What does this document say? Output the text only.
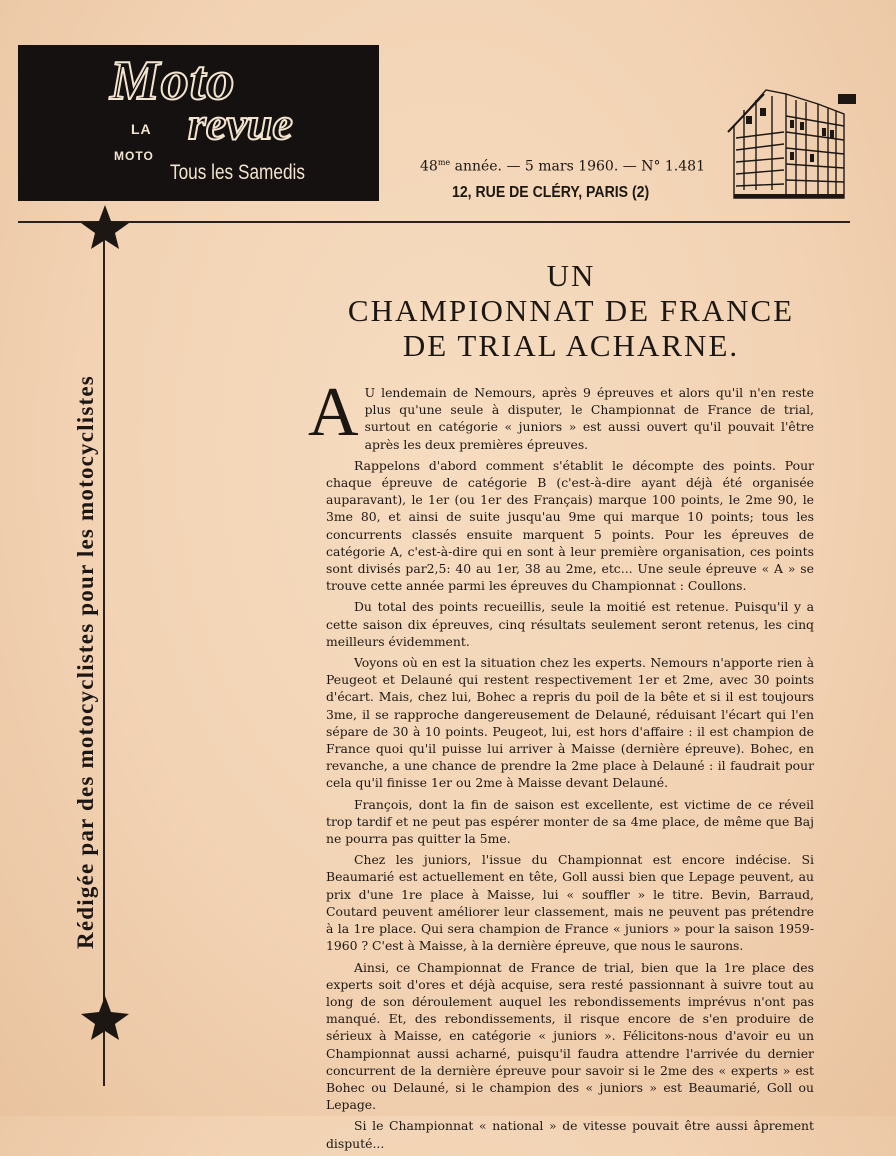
Moto
LA revue
MOTO
Tous les Samedis	$48^{me}$ année. — 5 mars 1960. — N° 1.481
12, RUE DE CLÉRY, PARIS (2)
Rédigée par des motocyclistes pour les motocyclistes
UN
CHAMPIONNAT DE FRANCE
DE TRIAL ACHARNE.

A U lendemain de Nemours, après 9 épreuves et alors qu'il n'en reste plus qu'une seule à disputer, le Championnat de France de trial, surtout en catégorie « juniors » est aussi ouvert qu'il pouvait l'être après les deux premières épreuves.

Rappelons d'abord comment s'établit le décompte des points. Pour chaque épreuve de catégorie B (c'est-à-dire ayant déjà été organisée auparavant), le 1er (ou 1er des Français) marque 100 points, le 2me 90, le 3me 80, et ainsi de suite jusqu'au 9me qui marque 10 points; tous les concurrents classés ensuite marquent 5 points. Pour les épreuves de catégorie A, c'est-à-dire qui en sont à leur première organisation, ces points sont divisés par2,5: 40 au 1er, 38 au 2me, etc... Une seule épreuve « A » se trouve cette année parmi les épreuves du Championnat : Coullons.

Du total des points recueillis, seule la moitié est retenue. Puisqu'il y a cette saison dix épreuves, cinq résultats seulement seront retenus, les cinq meilleurs évidemment.

Voyons où en est la situation chez les experts. Nemours n'apporte rien à Peugeot et Delauné qui restent respectivement 1er et 2me, avec 30 points d'écart. Mais, chez lui, Bohec a repris du poil de la bête et si il est toujours 3me, il se rapproche dangereusement de Delauné, réduisant l'écart qui l'en sépare de 30 à 10 points. Peugeot, lui, est hors d'affaire : il est champion de France quoi qu'il puisse lui arriver à Maisse (dernière épreuve). Bohec, en revanche, a une chance de prendre la 2me place à Delauné : il faudrait pour cela qu'il finisse 1er ou 2me à Maisse devant Delauné.

François, dont la fin de saison est excellente, est victime de ce réveil trop tardif et ne peut pas espérer monter de sa 4me place, de même que Baj ne pourra pas quitter la 5me.

Chez les juniors, l'issue du Championnat est encore indécise. Si Beaumarié est actuellement en tête, Goll aussi bien que Lepage peuvent, au prix d'une 1re place à Maisse, lui « souffler » le titre. Bevin, Barraud, Coutard peuvent améliorer leur classement, mais ne peuvent pas prétendre à la 1re place. Qui sera champion de France « juniors » pour la saison 1959-1960 ? C'est à Maisse, à la dernière épreuve, que nous le saurons.

Ainsi, ce Championnat de France de trial, bien que la 1re place des experts soit d'ores et déjà acquise, sera resté passionnant à suivre tout au long de son déroulement auquel les rebondissements imprévus n'ont pas manqué. Et, des rebondissements, il risque encore de s'en produire de sérieux à Maisse, en catégorie « juniors ». Félicitons-nous d'avoir eu un Championnat aussi acharné, puisqu'il faudra attendre l'arrivée du dernier concurrent de la dernière épreuve pour savoir si le 2me des « experts » est Bohec ou Delauné, si le champion des « juniors » est Beaumarié, Goll ou Lepage.

Si le Championnat « national » de vitesse pouvait être aussi âprement disputé...
